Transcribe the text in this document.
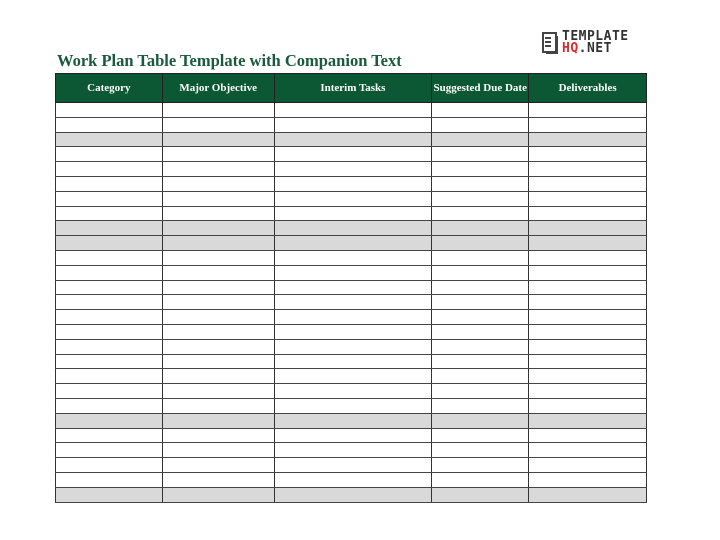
TEMPLATE
HQ.NET
Work Plan Table Template with Companion Text
Category	Major Objective	Interim Tasks	Suggested Due Date	Deliverables
